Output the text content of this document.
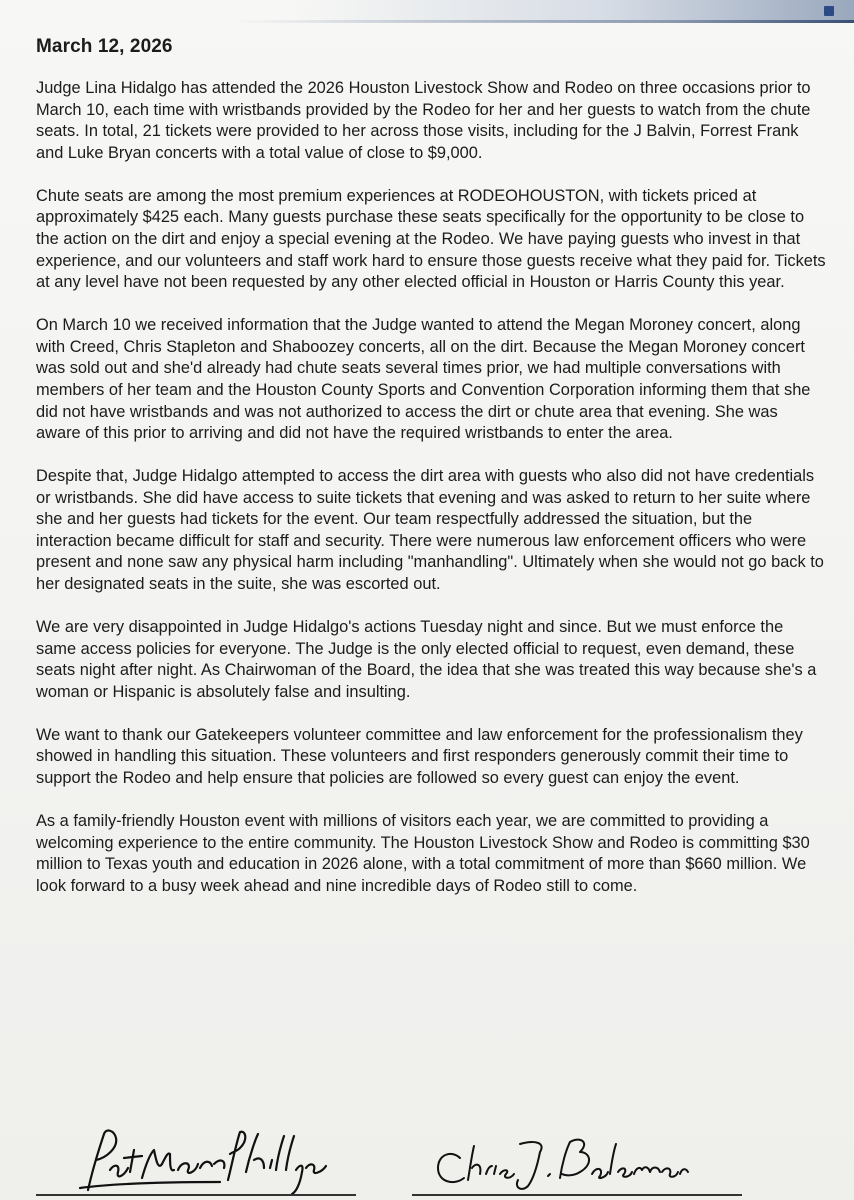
March 12, 2026

Judge Lina Hidalgo has attended the 2026 Houston Livestock Show and Rodeo on three occasions prior to March 10, each time with wristbands provided by the Rodeo for her and her guests to watch from the chute seats. In total, 21 tickets were provided to her across those visits, including for the J Balvin, Forrest Frank and Luke Bryan concerts with a total value of close to $9,000.

Chute seats are among the most premium experiences at RODEOHOUSTON, with tickets priced at approximately $425 each. Many guests purchase these seats specifically for the opportunity to be close to the action on the dirt and enjoy a special evening at the Rodeo. We have paying guests who invest in that experience, and our volunteers and staff work hard to ensure those guests receive what they paid for. Tickets at any level have not been requested by any other elected official in Houston or Harris County this year.

On March 10 we received information that the Judge wanted to attend the Megan Moroney concert, along with Creed, Chris Stapleton and Shaboozey concerts, all on the dirt. Because the Megan Moroney concert was sold out and she'd already had chute seats several times prior, we had multiple conversations with members of her team and the Houston County Sports and Convention Corporation informing them that she did not have wristbands and was not authorized to access the dirt or chute area that evening. She was aware of this prior to arriving and did not have the required wristbands to enter the area.

Despite that, Judge Hidalgo attempted to access the dirt area with guests who also did not have credentials or wristbands. She did have access to suite tickets that evening and was asked to return to her suite where she and her guests had tickets for the event. Our team respectfully addressed the situation, but the interaction became difficult for staff and security. There were numerous law enforcement officers who were present and none saw any physical harm including "manhandling". Ultimately when she would not go back to her designated seats in the suite, she was escorted out.

We are very disappointed in Judge Hidalgo's actions Tuesday night and since. But we must enforce the same access policies for everyone. The Judge is the only elected official to request, even demand, these seats night after night. As Chairwoman of the Board, the idea that she was treated this way because she's a woman or Hispanic is absolutely false and insulting.

We want to thank our Gatekeepers volunteer committee and law enforcement for the professionalism they showed in handling this situation. These volunteers and first responders generously commit their time to support the Rodeo and help ensure that policies are followed so every guest can enjoy the event.

As a family-friendly Houston event with millions of visitors each year, we are committed to providing a welcoming experience to the entire community. The Houston Livestock Show and Rodeo is committing $30 million to Texas youth and education in 2026 alone, with a total commitment of more than $660 million. We look forward to a busy week ahead and nine incredible days of Rodeo still to come.
